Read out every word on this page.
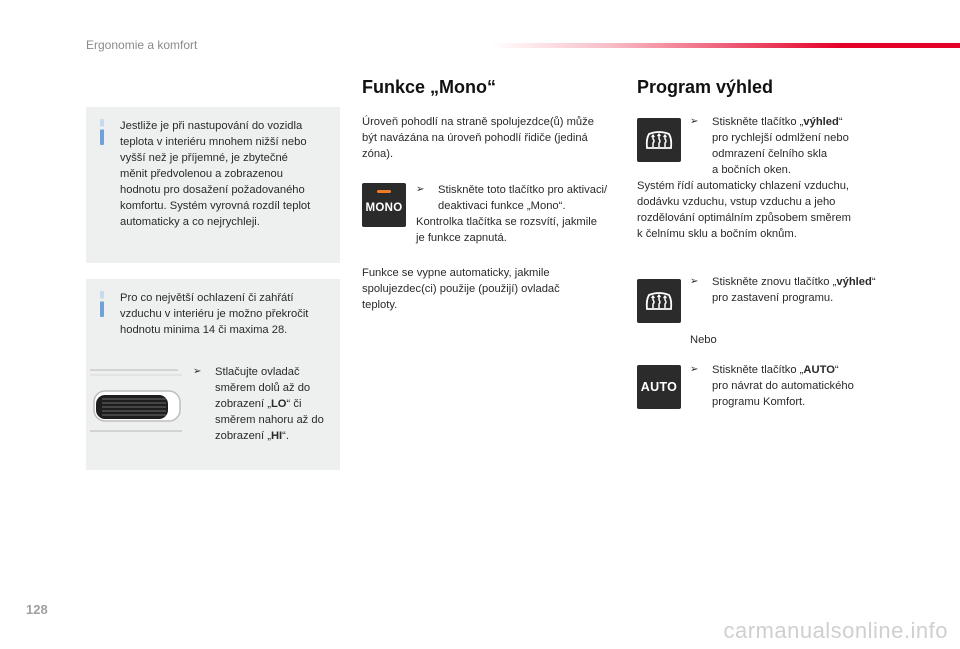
Ergonomie a komfort
Jestliže je při nastupování do vozidla
teplota v interiéru mnohem nižší nebo
vyšší než je příjemné, je zbytečné
měnit předvolenou a zobrazenou
hodnotu pro dosažení požadovaného
komfortu. Systém vyrovná rozdíl teplot
automaticky a co nejrychleji.
Pro co největší ochlazení či zahřátí
vzduchu v interiéru je možno překročit
hodnotu minima 14 či maxima 28.
➢	Stlačujte ovladač
směrem dolů až do
zobrazení „LO“ či
směrem nahoru až do
zobrazení „HI“.
Funkce „Mono“
Úroveň pohodlí na straně spolujezdce(ů) může
být navázána na úroveň pohodlí řidiče (jediná
zóna).
MONO
➢	Stiskněte toto tlačítko pro aktivaci/
deaktivaci funkce „Mono“.
Kontrolka tlačítka se rozsvítí, jakmile
je funkce zapnutá.
Funkce se vypne automaticky, jakmile
spolujezdec(ci) použije (použijí) ovladač
teploty.
Program výhled
➢	Stiskněte tlačítko „výhled“
pro rychlejší odmlžení nebo
odmrazení čelního skla
a bočních oken.
Systém řídí automaticky chlazení vzduchu,
dodávku vzduchu, vstup vzduchu a jeho
rozdělování optimálním způsobem směrem
k čelnímu sklu a bočním oknům.
➢	Stiskněte znovu tlačítko „výhled“
pro zastavení programu.
Nebo
AUTO
➢	Stiskněte tlačítko „AUTO“
pro návrat do automatického
programu Komfort.
128
carmanualsonline.info
